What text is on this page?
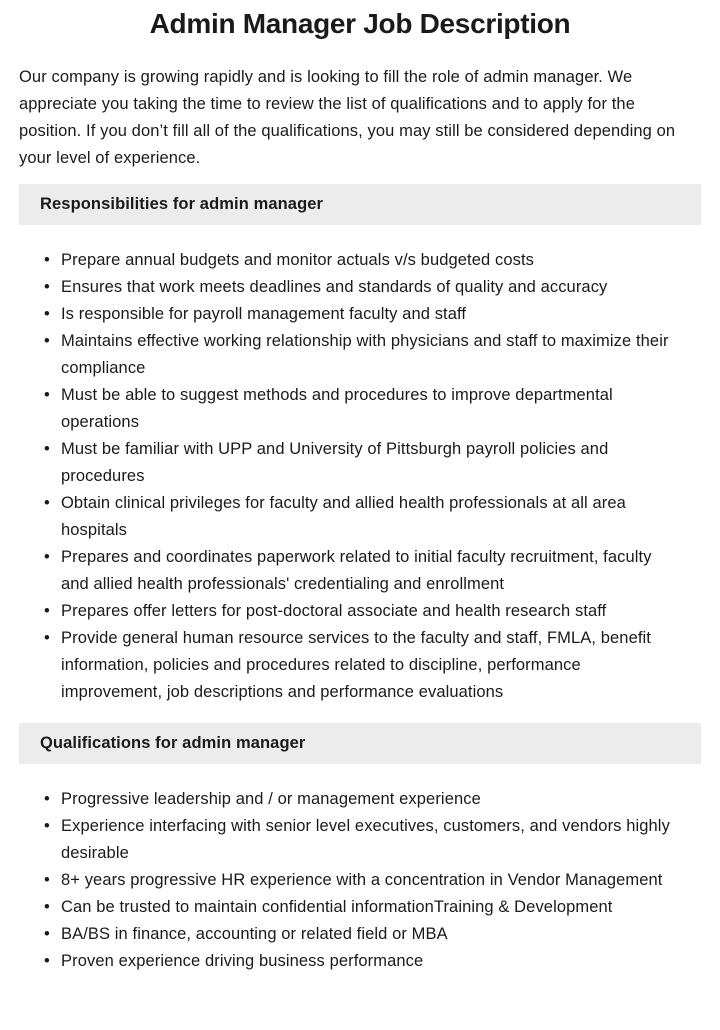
Admin Manager Job Description

Our company is growing rapidly and is looking to fill the role of admin manager. We appreciate you taking the time to review the list of qualifications and to apply for the position. If you don’t fill all of the qualifications, you may still be considered depending on your level of experience.

Responsibilities for admin manager
• Prepare annual budgets and monitor actuals v/s budgeted costs
• Ensures that work meets deadlines and standards of quality and accuracy
• Is responsible for payroll management faculty and staff
• Maintains effective working relationship with physicians and staff to maximize their compliance
• Must be able to suggest methods and procedures to improve departmental operations
• Must be familiar with UPP and University of Pittsburgh payroll policies and procedures
• Obtain clinical privileges for faculty and allied health professionals at all area hospitals
• Prepares and coordinates paperwork related to initial faculty recruitment, faculty and allied health professionals' credentialing and enrollment
• Prepares offer letters for post-doctoral associate and health research staff
• Provide general human resource services to the faculty and staff, FMLA, benefit information, policies and procedures related to discipline, performance improvement, job descriptions and performance evaluations
Qualifications for admin manager
• Progressive leadership and / or management experience
• Experience interfacing with senior level executives, customers, and vendors highly desirable
• 8+ years progressive HR experience with a concentration in Vendor Management
• Can be trusted to maintain confidential informationTraining & Development
• BA/BS in finance, accounting or related field or MBA
• Proven experience driving business performance
